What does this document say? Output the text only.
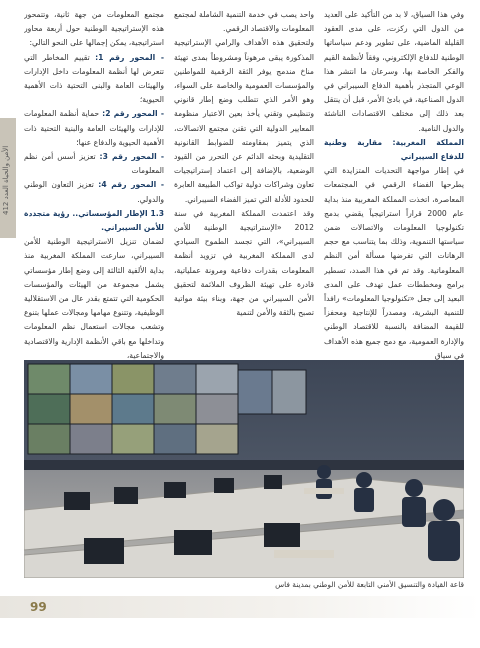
الأمن والحياة العدد 412

وفي هذا السياق، لا بد من التأكيد على العديد من الدول التي ركزت، على مدى العقود القليلة الماضية، على تطوير ودعم سياساتها الوطنية للدفاع الإلكتروني، وفقاً لأنظمة القيم والفكر الخاصة بها، وسرعان ما انتشر هذا الوعي المتجذر بأهمية الدفاع السيبراني في الدول الصناعية، في بادئ الأمر، قبل أن ينتقل بعد ذلك إلى مختلف الاقتصادات الناشئة والدول النامية.

المملكة المغربية: مقاربة وطنية للدفاع السيبراني

في إطار مواجهة التحديات المتزايدة التي يطرحها الفضاء الرقمي في المجتمعات المعاصرة، اتخذت المملكة المغربية منذ بداية عام 2000 قراراً استراتيجياً يقضي بدمج تكنولوجيا المعلومات والاتصالات ضمن سياستها التنموية، وذلك بما يتناسب مع حجم الرهانات التي تفرضها مسألة أمن النظم المعلوماتية. وقد تم في هذا الصدد، تسطير برامج ومخططات عمل تهدف على المدى البعيد إلى جعل «تكنولوجيا المعلومات» رافداً للتنمية البشرية، ومصدراً للإنتاجية ومحفزاً للقيمة المضافة بالنسبة للاقتصاد الوطني والإدارة العمومية، مع دمج جميع هذه الأهداف في سياق

واحد يصب في خدمة التنمية الشاملة لمجتمع المعلومات والاقتصاد الرقمي.

ولتحقيق هذه الأهداف والرامي الإستراتيجية المذكورة يبقى مرهوناً ومشروطاً بمدى تهيئة مناخ مندمج يوفر الثقة الرقمية للمواطنين والمؤسسات العمومية والخاصة على السواء، وهو الأمر الذي تتطلب وضع إطار قانوني وتنظيمي وتقني يأخذ بعين الاعتبار منظومة المعايير الدولية التي تقنن مجتمع الاتصالات، الذي يتميز بمقاومته للضوابط القانونية التقليدية وبحثه الدائم عن التحرر من القيود الوضعية، بالإضافة إلى اعتماد إستراتيجيات تعاون وشراكات دولية تواكب الطبيعة العابرة للحدود للأدلة التي تميز الفضاء السيبراني.

وقد اعتمدت المملكة المغربية في سنة 2012 «الإستراتيجية الوطنية للأمن السيبراني»، التي تجسد الطموح السيادي لدى المملكة المغربية في تزويد أنظمة المعلومات بقدرات دفاعية ومرونة عملياتية، قادرة على تهيئة الظروف الملائمة لتحقيق الأمن السيبراني من جهة، وبناء بيئة مواتية تصبح بالثقة والأمن لتنمية

مجتمع المعلومات من جهة ثانية، وتتمحور هذه الإستراتيجية الوطنية حول أربعة محاور استراتيجية، يمكن إجمالها على النحو التالي:

- المحور رقم 1: تقييم المخاطر التي تتعرض لها أنظمة المعلومات داخل الإدارات والهيئات العامة والبنى التحتية ذات الأهمية الحيوية؛

- المحور رقم 2: حماية أنظمة المعلومات للإدارات والهيئات العامة والبنية التحتية ذات الأهمية الحيوية والدفاع عنها؛

- المحور رقم 3: تعزيز أسس أمن نظم المعلومات

- المحور رقم 4: تعزيز التعاون الوطني والدولي.

1.3 الإطار المؤسساتي.. رؤية متجددة للأمن السيبراني.

لضمان تنزيل الاستراتيجية الوطنية للأمن السيبراني، سارعت المملكة المغربية منذ بداية الألفية الثالثة إلى وضع إطار مؤسساتي يشمل مجموعة من الهيئات والمؤسسات الحكومية التي تتمتع بقدر عال من الاستقلالية الوظيفية، وتتنوع مهامها ومجالات عملها بتنوع وتشعب مجالات استعمال نظم المعلومات وتداخلها مع باقي الأنظمة الإدارية والاقتصادية والاجتماعية،

قاعة القيادة والتنسيق الأمني التابعة للأمن الوطني بمدينة فاس
99
